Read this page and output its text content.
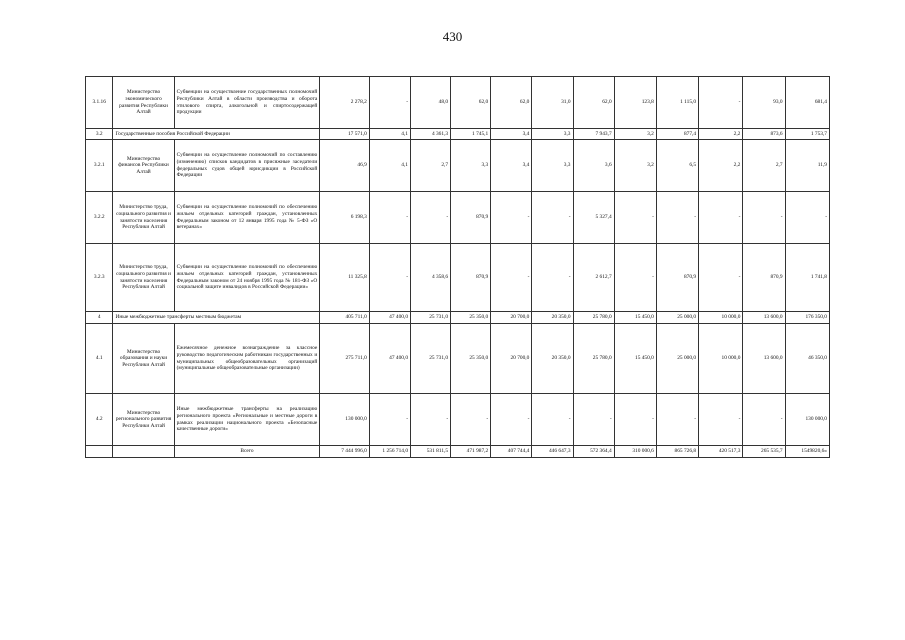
430
3.1.16	Министерство экономического развития Республики Алтай	Субвенции на осуществление государственных полномочий Республики Алтай в области производства и оборота этилового спирта, алкогольной и спиртосодержащей продукции	2 278,2	-	48,0	62,0	62,0	31,0	62,0	123,8	1 115,0	-	93,0	681,4
3.2	Государственные пособия Российской Федерации		17 571,0	4,1	4 361,3	1 745,1	3,4	3,3	7 943,7	3,2	877,4	2,2	873,6	1 753,7
3.2.1	Министерство финансов Республики Алтай	Субвенции на осуществление полномочий по составлению (изменению) списков кандидатов в присяжные заседатели федеральных судов общей юрисдикции в Российской Федерации	46,9	4,1	2,7	3,3	3,4	3,3	3,6	3,2	6,5	2,2	2,7	11,9
3.2.2	Министерство труда, социального развития и занятости населения Республики Алтай	Субвенции на осуществление полномочий по обеспечению жильем отдельных категорий граждан, установленных Федеральным законом от 12 января 1995 года № 5-ФЗ «О ветеранах»	6 198,3	-	-	870,9	-	-	5 327,4	-	-	-	-	-
3.2.3	Министерство труда, социального развития и занятости населения Республики Алтай	Субвенции на осуществление полномочий по обеспечению жильем отдельных категорий граждан, установленных Федеральным законом от 24 ноября 1995 года № 181-ФЗ «О социальной защите инвалидов в Российской Федерации»	11 325,8	-	4 358,6	870,9	-	-	2 612,7	-	870,9	-	870,9	1 741,8
4	Иные межбюджетные трансферты местным бюджетам		405 711,0	47 400,0	25 731,0	25 350,0	20 700,0	20 350,0	25 780,0	15 450,0	25 000,0	10 000,0	13 600,0	176 350,0
4.1	Министерство образования и науки Республики Алтай	Ежемесячное денежное вознаграждение за классное руководство педагогическим работникам государственных и муниципальных общеобразовательных организаций (муниципальные общеобразовательные организации)	275 711,0	47 400,0	25 731,0	25 350,0	20 700,0	20 350,0	25 780,0	15 450,0	25 000,0	10 000,0	13 600,0	46 350,0
4.2	Министерство регионального развития Республики Алтай	Иные межбюджетные трансферты на реализацию регионального проекта «Региональные и местные дороги в рамках реализации национального проекта «Безопасные качественные дороги»	130 000,0	-	-	-	-	-	-	-	-	-	-	130 000,0
		Всего	7 444 996,0	1 256 714,0	531 811,5	471 987,2	407 744,4	446 647,3	572 364,4	310 000,6	865 726,8	420 517,3	265 535,7	1549820,6»
